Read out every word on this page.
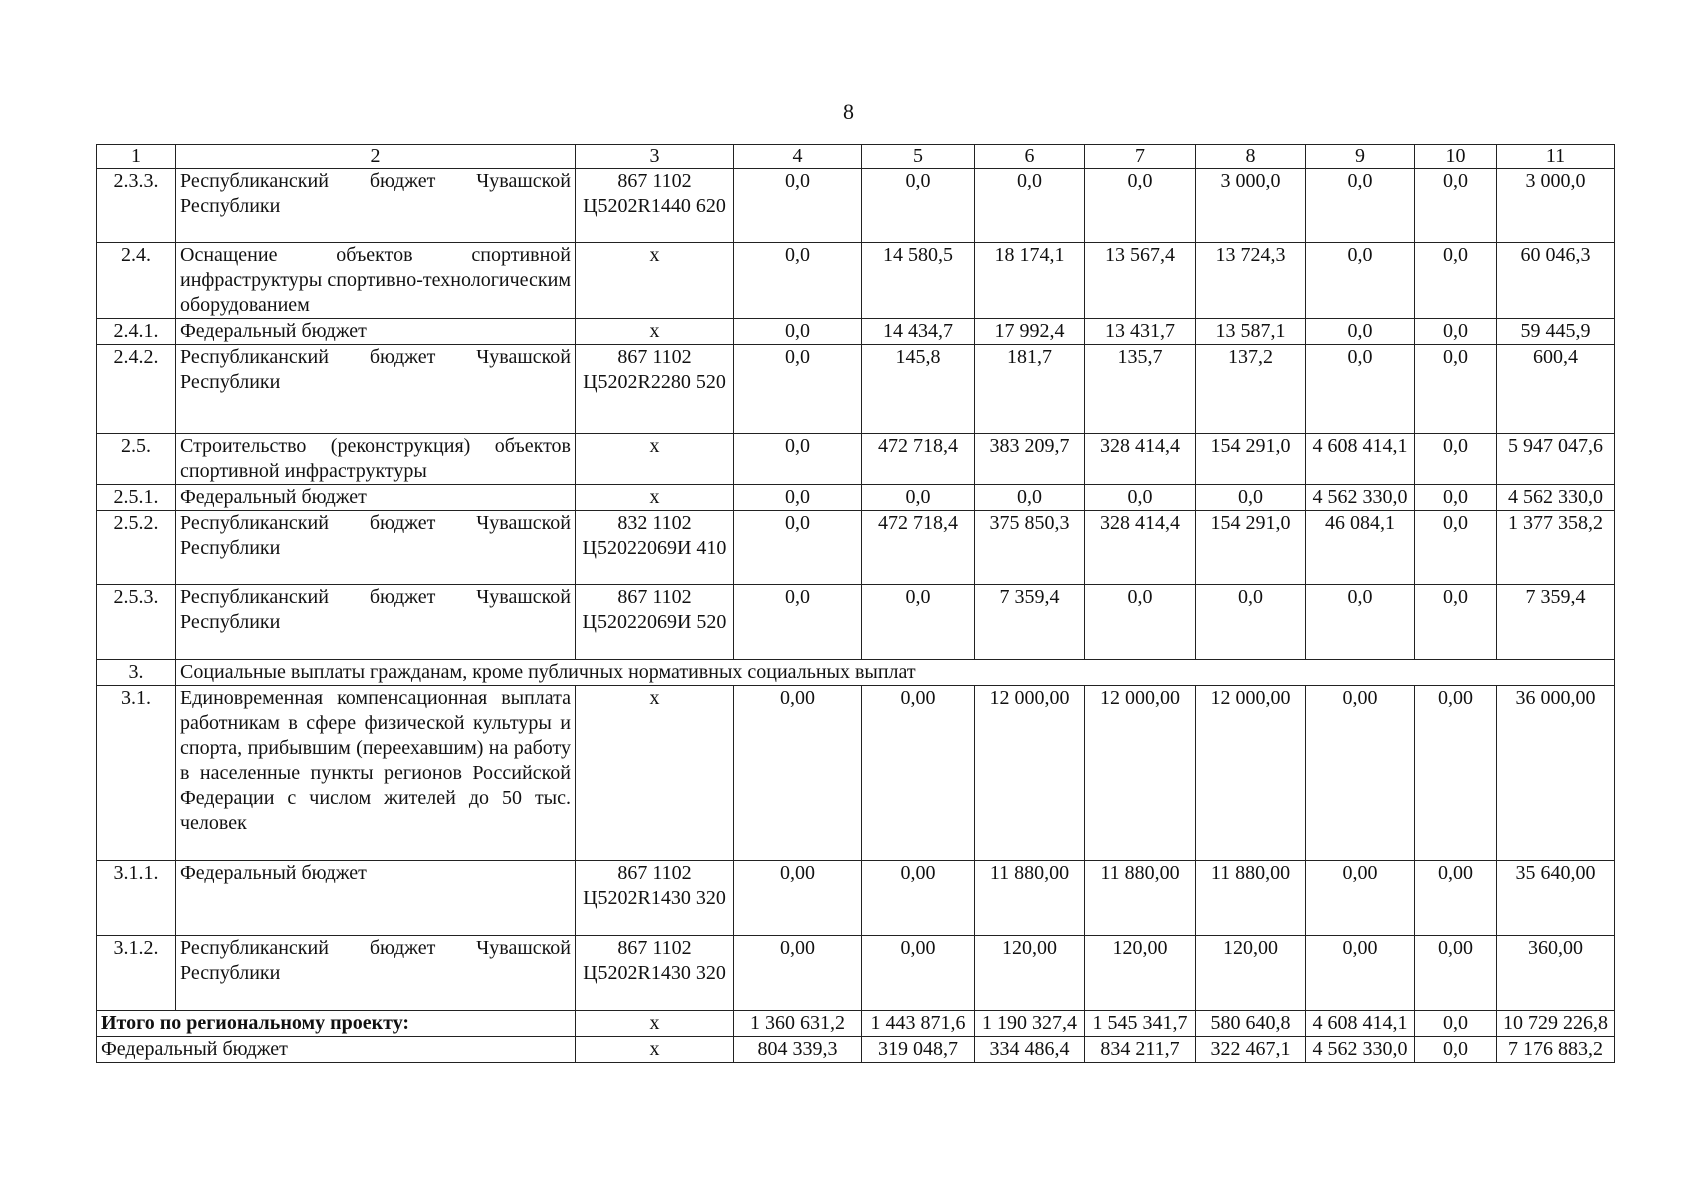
8
1	2	3	4	5	6	7	8	9	10	11
2.3.3.	Республиканский бюджет Чувашской Республики	867 1102 Ц5202R1440 620	0,0	0,0	0,0	0,0	3 000,0	0,0	0,0	3 000,0
2.4.	Оснащение объектов спортивной инфраструктуры спортивно-технологическим оборудованием	х	0,0	14 580,5	18 174,1	13 567,4	13 724,3	0,0	0,0	60 046,3
2.4.1.	Федеральный бюджет	х	0,0	14 434,7	17 992,4	13 431,7	13 587,1	0,0	0,0	59 445,9
2.4.2.	Республиканский бюджет Чувашской Республики	867 1102 Ц5202R2280 520	0,0	145,8	181,7	135,7	137,2	0,0	0,0	600,4
2.5.	Строительство (реконструкция) объектов спортивной инфраструктуры	х	0,0	472 718,4	383 209,7	328 414,4	154 291,0	4 608 414,1	0,0	5 947 047,6
2.5.1.	Федеральный бюджет	х	0,0	0,0	0,0	0,0	0,0	4 562 330,0	0,0	4 562 330,0
2.5.2.	Республиканский бюджет Чувашской Республики	832 1102 Ц52022069И 410	0,0	472 718,4	375 850,3	328 414,4	154 291,0	46 084,1	0,0	1 377 358,2
2.5.3.	Республиканский бюджет Чувашской Республики	867 1102 Ц52022069И 520	0,0	0,0	7 359,4	0,0	0,0	0,0	0,0	7 359,4
3.	Социальные выплаты гражданам, кроме публичных нормативных социальных выплат									
3.1.	Единовременная компенсационная выплата работникам в сфере физической культуры и спорта, прибывшим (переехавшим) на работу в населенные пункты регионов Российской Федерации с числом жителей до 50 тыс. человек	х	0,00	0,00	12 000,00	12 000,00	12 000,00	0,00	0,00	36 000,00
3.1.1.	Федеральный бюджет	867 1102 Ц5202R1430 320	0,00	0,00	11 880,00	11 880,00	11 880,00	0,00	0,00	35 640,00
3.1.2.	Республиканский бюджет Чувашской Республики	867 1102 Ц5202R1430 320	0,00	0,00	120,00	120,00	120,00	0,00	0,00	360,00
Итого по региональному проекту:		х	1 360 631,2	1 443 871,6	1 190 327,4	1 545 341,7	580 640,8	4 608 414,1	0,0	10 729 226,8
Федеральный бюджет		х	804 339,3	319 048,7	334 486,4	834 211,7	322 467,1	4 562 330,0	0,0	7 176 883,2
